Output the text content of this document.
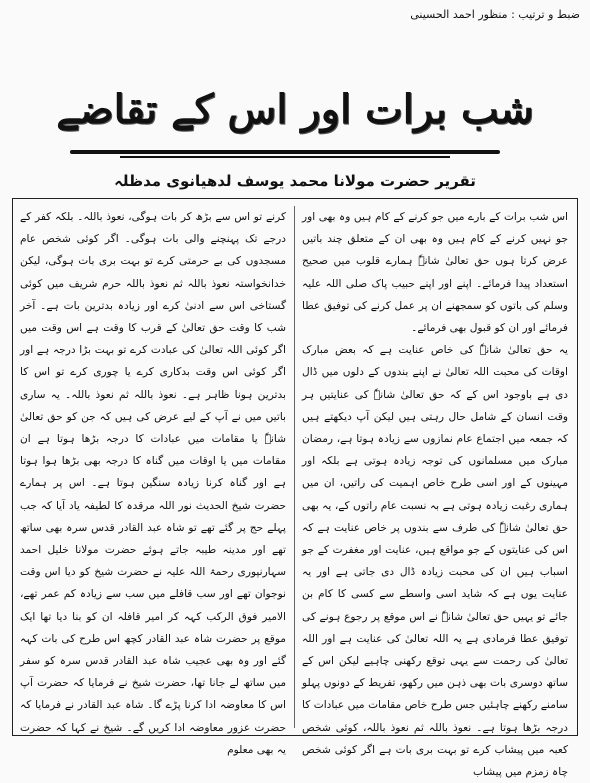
ضبط و ترتیب : منظور احمد الحسینی
شب برات اور اس کے تقاضے
تقریر حضرت مولانا محمد یوسف لدھیانوی مدظلہ

اس شب برات کے بارے میں جو کرنے کے کام ہیں وہ بھی اور جو نہیں کرنے کے کام ہیں وہ بھی ان کے متعلق چند باتیں عرض کرتا ہوں حق تعالیٰ شانہٗ ہمارے قلوب میں صحیح استعداد پیدا فرمائے۔ اپنے اور اپنے حبیب پاک صلی اللہ علیہ وسلم کی باتوں کو سمجھنے ان پر عمل کرنے کی توفیق عطا فرمائے اور ان کو قبول بھی فرمائے۔

یہ حق تعالیٰ شانہٗ کی خاص عنایت ہے کہ بعض مبارک اوقات کی محبت اللہ تعالیٰ نے اپنے بندوں کے دلوں میں ڈال دی ہے باوجود اس کے کہ حق تعالیٰ شانہٗ کی عنایتیں ہر وقت انسان کے شامل حال رہتی ہیں لیکن آپ دیکھتے ہیں کہ جمعہ میں اجتماع عام نمازوں سے زیادہ ہوتا ہے، رمضان مبارک میں مسلمانوں کی توجہ زیادہ ہوتی ہے بلکہ اور مہینوں کے اور اسی طرح خاص اہمیت کی راتیں، ان میں ہماری رغبت زیادہ ہوتی ہے بہ نسبت عام راتوں کے، یہ بھی حق تعالیٰ شانہٗ کی طرف سے بندوں پر خاص عنایت ہے کہ اس کی عنایتوں کے جو مواقع ہیں، عنایت اور مغفرت کے جو اسباب ہیں ان کی محبت زیادہ ڈال دی جاتی ہے اور یہ عنایت یوں ہے کہ شاید اسی واسطے سے کسی کا کام بن جائے تو یہیں حق تعالیٰ شانہٗ نے اس موقع پر رجوع ہونے کی توفیق عطا فرمادی ہے یہ اللہ تعالیٰ کی عنایت ہے اور اللہ تعالیٰ کی رحمت سے یہی توقع رکھنی چاہیے لیکن اس کے ساتھ دوسری بات بھی ذہن میں رکھو، تفریط کے دونوں پہلو سامنے رکھنے چاہئیں جس طرح خاص مقامات میں عبادات کا درجہ بڑھا ہوتا ہے۔ نعوذ باللہ ثم نعوذ باللہ، کوئی شخص کعبہ میں پیشاب کرے تو بہت بری بات ہے اگر کوئی شخص چاہ زمزم میں پیشاب

کرنے تو اس سے بڑھ کر بات ہوگی، نعوذ باللہ۔ بلکہ کفر کے درجے تک پہنچنے والی بات ہوگی۔ اگر کوئی شخص عام مسجدوں کی بے حرمتی کرے تو بہت بری بات ہوگی، لیکن خدانخواستہ نعوذ باللہ ثم نعوذ باللہ حرم شریف میں کوئی گستاخی اس سے ادنیٰ کرے اور زیادہ بدترین بات ہے۔ آخر شب کا وقت حق تعالیٰ کے قرب کا وقت ہے اس وقت میں اگر کوئی اللہ تعالیٰ کی عبادت کرے تو بہت بڑا درجہ ہے اور اگر کوئی اس وقت بدکاری کرے یا چوری کرے تو اس کا بدترین ہونا ظاہر ہے۔ نعوذ باللہ ثم نعوذ باللہ۔ یہ ساری باتیں میں نے آپ کے لیے عرض کی ہیں کہ جن کو حق تعالیٰ شانہٗ یا مقامات میں عبادات کا درجہ بڑھا ہوتا ہے ان مقامات میں یا اوقات میں گناہ کا درجہ بھی بڑھا ہوا ہوتا ہے اور گناہ کرنا زیادہ سنگین ہوتا ہے۔ اس پر ہمارے حضرت شیخ الحدیث نور اللہ مرقدہ کا لطیفہ یاد آیا کہ جب پہلے حج پر گئے تھے تو شاہ عبد القادر قدس سرہ بھی ساتھ تھے اور مدینہ طیبہ جاتے ہوئے حضرت مولانا خلیل احمد سہارنپوری رحمۃ اللہ علیہ نے حضرت شیخ کو دیا اس وقت نوجوان تھے اور سب قافلے میں سب سے زیادہ کم عمر تھے، الامیر فوق الرکب کہہ کر امیر قافلہ ان کو بنا دیا تھا ایک موقع پر حضرت شاہ عبد القادر کچھ اس طرح کی بات کہہ گئے اور وہ بھی عجیب شاہ عبد القادر قدس سرہ کو سفر میں ساتھ لے جانا تھا، حضرت شیخ نے فرمایا کہ حضرت آپ اس کا معاوضہ ادا کرنا پڑے گا۔ شاہ عبد القادر نے فرمایا کہ حضرت عزور معاوضہ ادا کریں گے۔ شیخ نے کہا کہ حضرت یہ بھی معلوم
